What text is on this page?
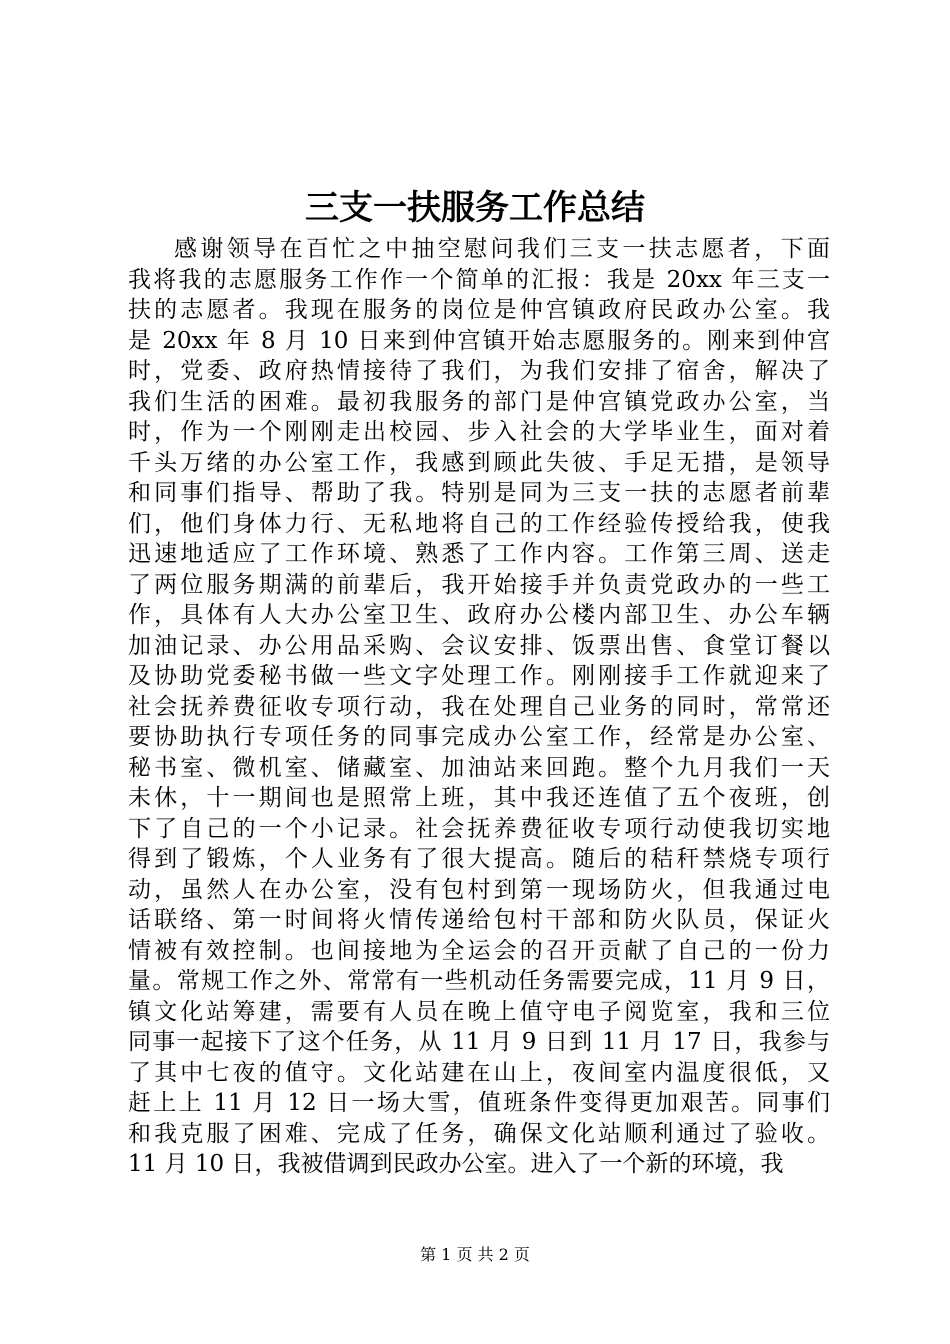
三支一扶服务工作总结
感谢领导在百忙之中抽空慰问我们三支一扶志愿者，下面
我将我的志愿服务工作作一个简单的汇报：我是 20xx 年三支一
扶的志愿者。我现在服务的岗位是仲宫镇政府民政办公室。我
是 20xx 年 8 月 10 日来到仲宫镇开始志愿服务的。刚来到仲宫
时，党委、政府热情接待了我们，为我们安排了宿舍，解决了
我们生活的困难。最初我服务的部门是仲宫镇党政办公室，当
时，作为一个刚刚走出校园、步入社会的大学毕业生，面对着
千头万绪的办公室工作，我感到顾此失彼、手足无措，是领导
和同事们指导、帮助了我。特别是同为三支一扶的志愿者前辈
们，他们身体力行、无私地将自己的工作经验传授给我，使我
迅速地适应了工作环境、熟悉了工作内容。工作第三周、送走
了两位服务期满的前辈后，我开始接手并负责党政办的一些工
作，具体有人大办公室卫生、政府办公楼内部卫生、办公车辆
加油记录、办公用品采购、会议安排、饭票出售、食堂订餐以
及协助党委秘书做一些文字处理工作。刚刚接手工作就迎来了
社会抚养费征收专项行动，我在处理自己业务的同时，常常还
要协助执行专项任务的同事完成办公室工作，经常是办公室、
秘书室、微机室、储藏室、加油站来回跑。整个九月我们一天
未休，十一期间也是照常上班，其中我还连值了五个夜班，创
下了自己的一个小记录。社会抚养费征收专项行动使我切实地
得到了锻炼，个人业务有了很大提高。随后的秸秆禁烧专项行
动，虽然人在办公室，没有包村到第一现场防火，但我通过电
话联络、第一时间将火情传递给包村干部和防火队员，保证火
情被有效控制。也间接地为全运会的召开贡献了自己的一份力
量。常规工作之外、常常有一些机动任务需要完成，11 月 9 日，
镇文化站筹建，需要有人员在晚上值守电子阅览室，我和三位
同事一起接下了这个任务，从 11 月 9 日到 11 月 17 日，我参与
了其中七夜的值守。文化站建在山上，夜间室内温度很低，又
赶上上 11 月 12 日一场大雪，值班条件变得更加艰苦。同事们
和我克服了困难、完成了任务，确保文化站顺利通过了验收。
11 月 10 日，我被借调到民政办公室。进入了一个新的环境，我
第 1 页 共 2 页
